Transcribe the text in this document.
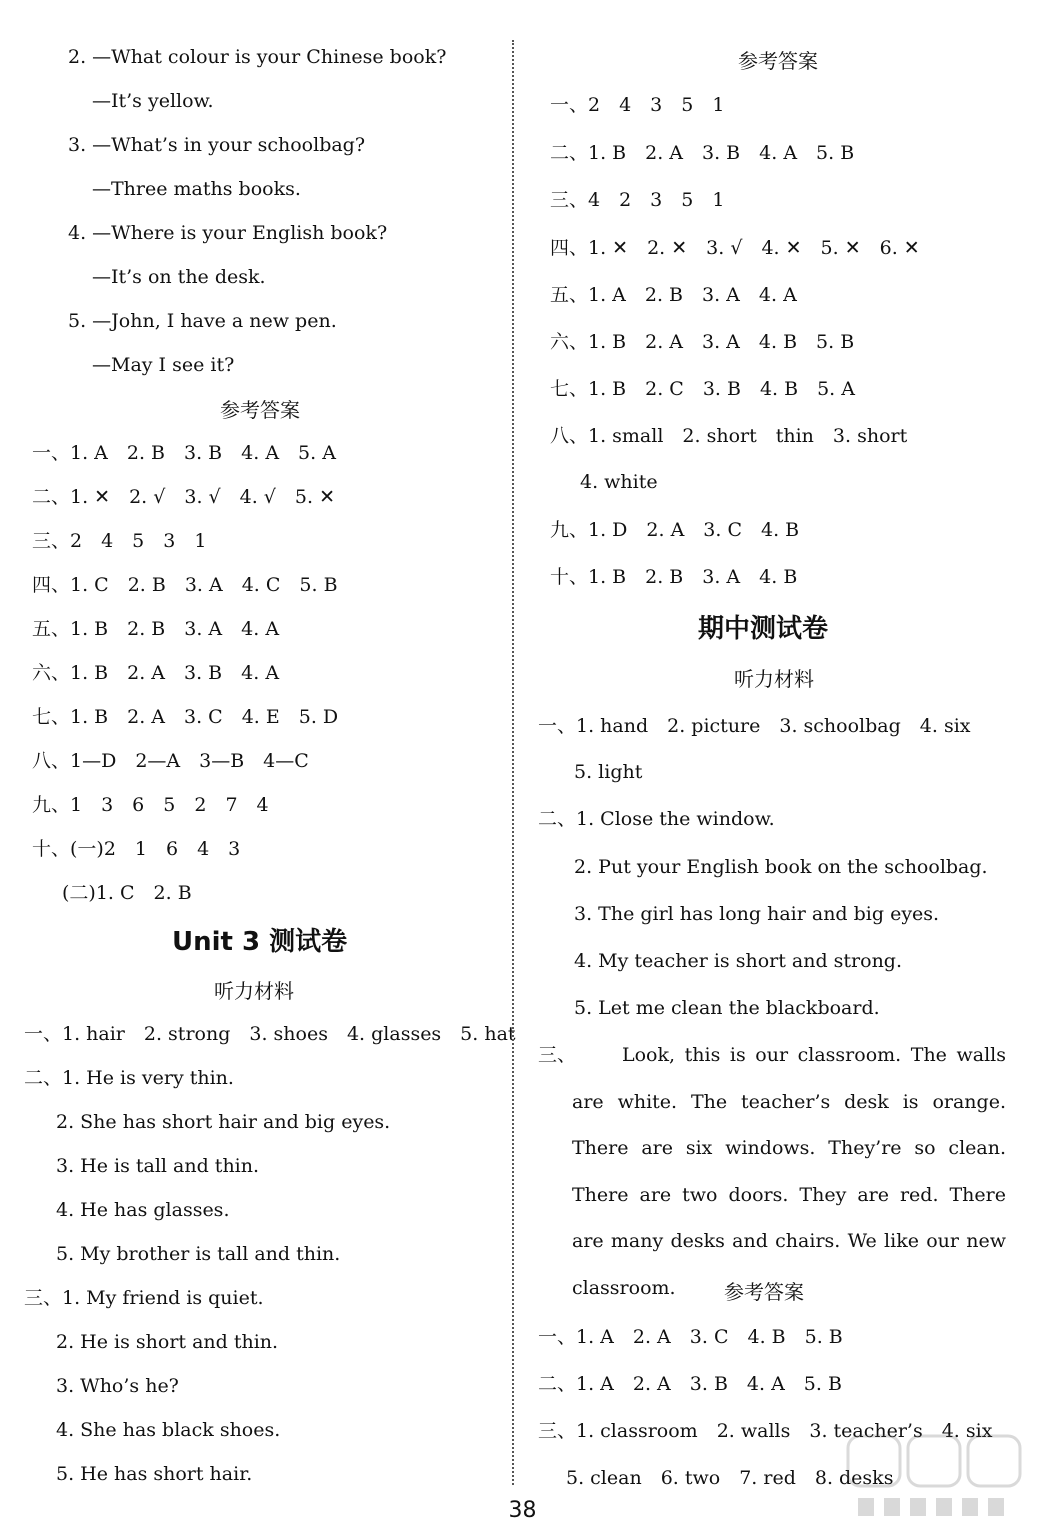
2. —What colour is your Chinese book?
—It’s yellow.
3. —What’s in your schoolbag?
—Three maths books.
4. —Where is your English book?
—It’s on the desk.
5. —John, I have a new pen.
—May I see it?
参考答案
一、1. A　2. B　3. B　4. A　5. A
二、1. ✕　2. √　3. √　4. √　5. ✕
三、2　4　5　3　1
四、1. C　2. B　3. A　4. C　5. B
五、1. B　2. B　3. A　4. A
六、1. B　2. A　3. B　4. A
七、1. B　2. A　3. C　4. E　5. D
八、1—D　2—A　3—B　4—C
九、1　3　6　5　2　7　4
十、(一)2　1　6　4　3
(二)1. C　2. B
Unit 3 测试卷
听力材料
一、1. hair　2. strong　3. shoes　4. glasses　5. hat
二、1. He is very thin.
2. She has short hair and big eyes.
3. He is tall and thin.
4. He has glasses.
5. My brother is tall and thin.
三、1. My friend is quiet.
2. He is short and thin.
3. Who’s he?
4. She has black shoes.
5. He has short hair.
参考答案
一、2　4　3　5　1
二、1. B　2. A　3. B　4. A　5. B
三、4　2　3　5　1
四、1. ✕　2. ✕　3. √　4. ✕　5. ✕　6. ✕
五、1. A　2. B　3. A　4. A
六、1. B　2. A　3. A　4. B　5. B
七、1. B　2. C　3. B　4. B　5. A
八、1. small　2. short　thin　3. short
4. white
九、1. D　2. A　3. C　4. B
十、1. B　2. B　3. A　4. B
期中测试卷
听力材料
一、1. hand　2. picture　3. schoolbag　4. six
5. light
二、1. Close the window.
2. Put your English book on the schoolbag.
3. The girl has long hair and big eyes.
4. My teacher is short and strong.
5. Let me clean the blackboard.
三、	Look, this is our classroom. The walls are white. The teacher’s desk is orange. There are six windows. They’re so clean. There are two doors. They are red. There are many desks and chairs. We like our new classroom.	参考答案
一、1. A　2. A　3. C　4. B　5. B
二、1. A　2. A　3. B　4. A　5. B
三、1. classroom　2. walls　3. teacher’s　4. six
5. clean　6. two　7. red　8. desks
38
